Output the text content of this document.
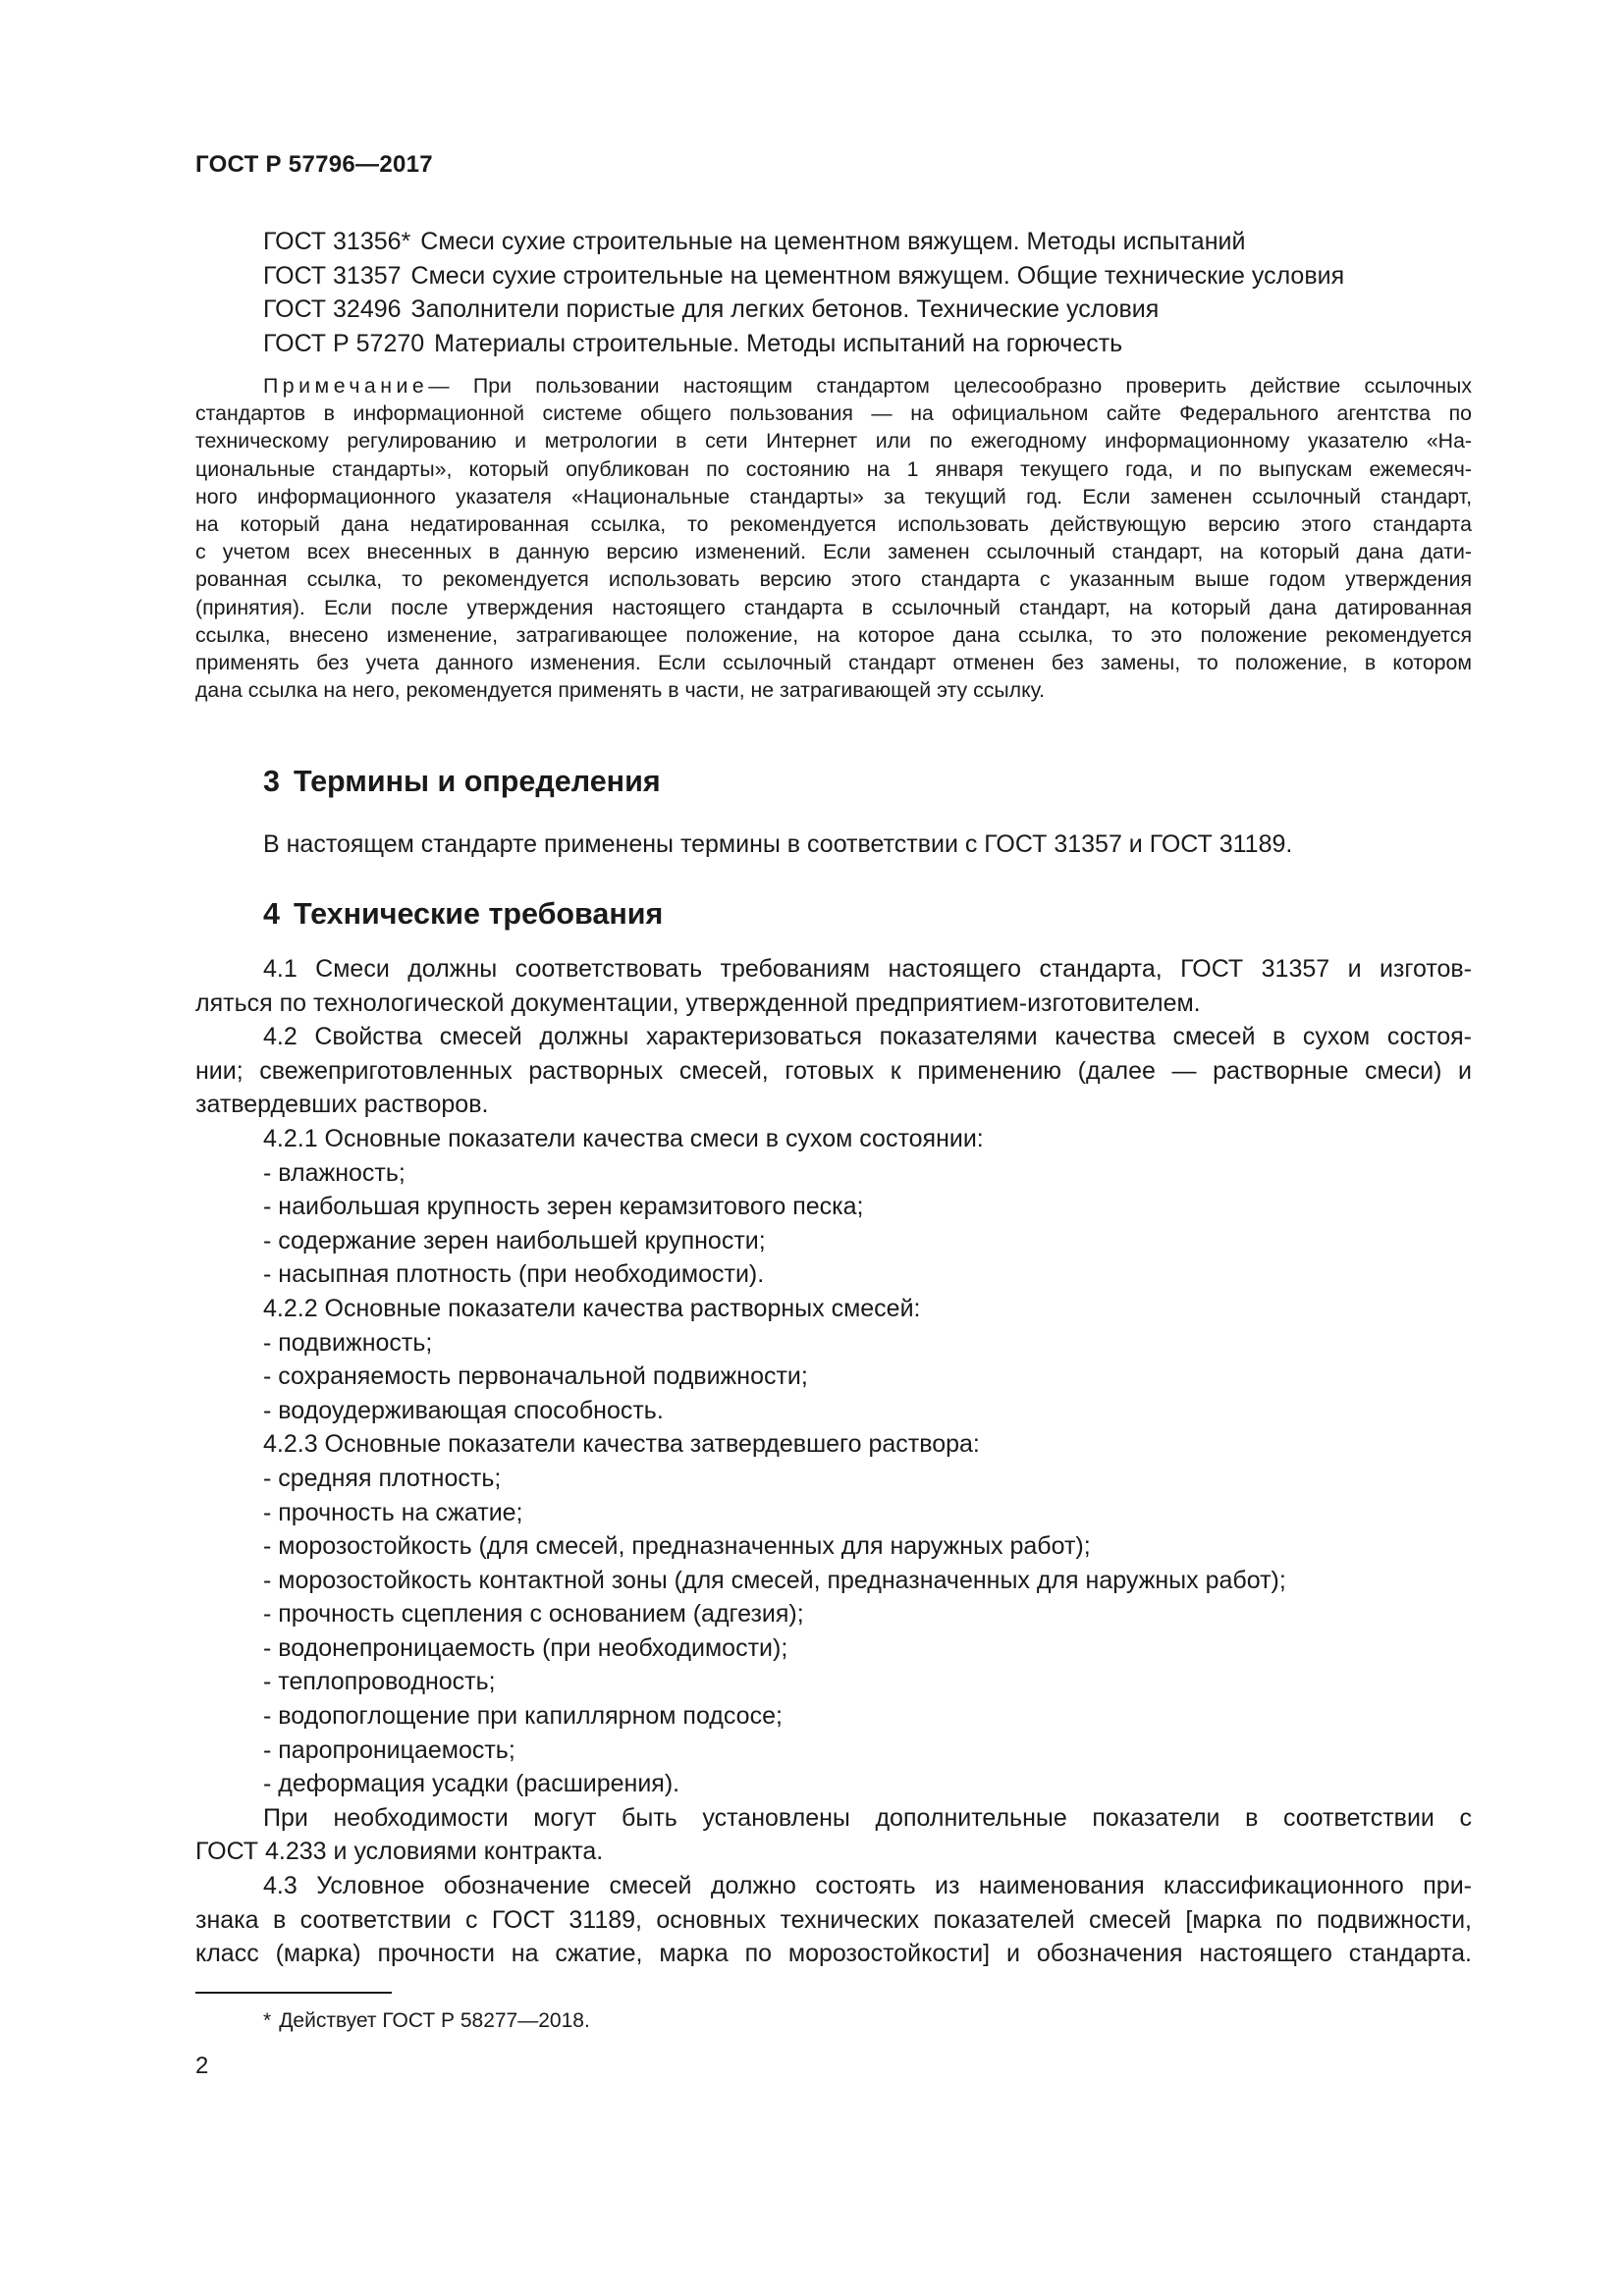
ГОСТ Р 57796—2017
ГОСТ 31356* Смеси сухие строительные на цементном вяжущем. Методы испытаний
ГОСТ 31357 Смеси сухие строительные на цементном вяжущем. Общие технические условия
ГОСТ 32496 Заполнители пористые для легких бетонов. Технические условия
ГОСТ Р 57270 Материалы строительные. Методы испытаний на горючесть
Примечание— При пользовании настоящим стандартом целесообразно проверить действие ссылочных
стандартов в информационной системе общего пользования — на официальном сайте Федерального агентства по
техническому регулированию и метрологии в сети Интернет или по ежегодному информационному указателю «На-
циональные стандарты», который опубликован по состоянию на 1 января текущего года, и по выпускам ежемесяч-
ного информационного указателя «Национальные стандарты» за текущий год. Если заменен ссылочный стандарт,
на который дана недатированная ссылка, то рекомендуется использовать действующую версию этого стандарта
с учетом всех внесенных в данную версию изменений. Если заменен ссылочный стандарт, на который дана дати-
рованная ссылка, то рекомендуется использовать версию этого стандарта с указанным выше годом утверждения
(принятия). Если после утверждения настоящего стандарта в ссылочный стандарт, на который дана датированная
ссылка, внесено изменение, затрагивающее положение, на которое дана ссылка, то это положение рекомендуется
применять без учета данного изменения. Если ссылочный стандарт отменен без замены, то положение, в котором
дана ссылка на него, рекомендуется применять в части, не затрагивающей эту ссылку.
3 Термины и определения
В настоящем стандарте применены термины в соответствии с ГОСТ 31357 и ГОСТ 31189.
4 Технические требования
4.1 Смеси должны соответствовать требованиям настоящего стандарта, ГОСТ 31357 и изготов-
ляться по технологической документации, утвержденной предприятием-изготовителем.
4.2 Свойства смесей должны характеризоваться показателями качества смесей в сухом состоя-
нии; свежеприготовленных растворных смесей, готовых к применению (далее — растворные смеси) и
затвердевших растворов.
4.2.1 Основные показатели качества смеси в сухом состоянии:
- влажность;
- наибольшая крупность зерен керамзитового песка;
- содержание зерен наибольшей крупности;
- насыпная плотность (при необходимости).
4.2.2 Основные показатели качества растворных смесей:
- подвижность;
- сохраняемость первоначальной подвижности;
- водоудерживающая способность.
4.2.3 Основные показатели качества затвердевшего раствора:
- средняя плотность;
- прочность на сжатие;
- морозостойкость (для смесей, предназначенных для наружных работ);
- морозостойкость контактной зоны (для смесей, предназначенных для наружных работ);
- прочность сцепления с основанием (адгезия);
- водонепроницаемость (при необходимости);
- теплопроводность;
- водопоглощение при капиллярном подсосе;
- паропроницаемость;
- деформация усадки (расширения).
При необходимости могут быть установлены дополнительные показатели в соответствии с
ГОСТ 4.233 и условиями контракта.
4.3 Условное обозначение смесей должно состоять из наименования классификационного при-
знака в соответствии с ГОСТ 31189, основных технических показателей смесей [марка по подвижности,
класс (марка) прочности на сжатие, марка по морозостойкости] и обозначения настоящего стандарта.
* Действует ГОСТ Р 58277—2018.
2
